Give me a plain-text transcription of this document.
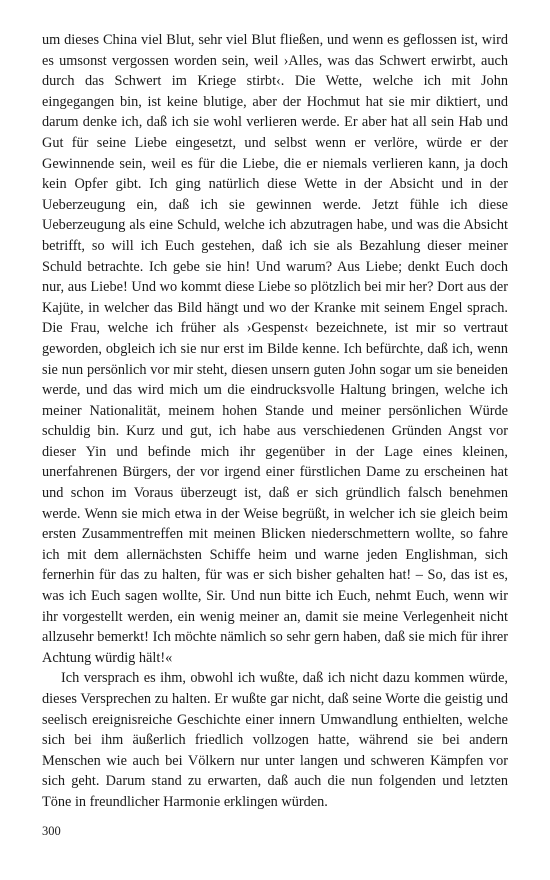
um dieses China viel Blut, sehr viel Blut fließen, und wenn es geflossen ist, wird es umsonst vergossen worden sein, weil ›Alles, was das Schwert erwirbt, auch durch das Schwert im Kriege stirbt‹. Die Wette, welche ich mit John eingegangen bin, ist keine blutige, aber der Hochmut hat sie mir diktiert, und darum denke ich, daß ich sie wohl verlieren werde. Er aber hat all sein Hab und Gut für seine Liebe eingesetzt, und selbst wenn er verlöre, würde er der Gewinnende sein, weil es für die Liebe, die er niemals verlieren kann, ja doch kein Opfer gibt. Ich ging natürlich diese Wette in der Absicht und in der Ueberzeugung ein, daß ich sie gewinnen werde. Jetzt fühle ich diese Ueberzeugung als eine Schuld, welche ich abzutragen habe, und was die Absicht betrifft, so will ich Euch gestehen, daß ich sie als Bezahlung dieser meiner Schuld betrachte. Ich gebe sie hin! Und warum? Aus Liebe; denkt Euch doch nur, aus Liebe! Und wo kommt diese Liebe so plötzlich bei mir her? Dort aus der Kajüte, in welcher das Bild hängt und wo der Kranke mit seinem Engel sprach. Die Frau, welche ich früher als ›Gespenst‹ bezeichnete, ist mir so vertraut geworden, obgleich ich sie nur erst im Bilde kenne. Ich befürchte, daß ich, wenn sie nun persönlich vor mir steht, diesen unsern guten John sogar um sie beneiden werde, und das wird mich um die eindrucksvolle Haltung bringen, welche ich meiner Nationalität, meinem hohen Stande und meiner persönlichen Würde schuldig bin. Kurz und gut, ich habe aus verschiedenen Gründen Angst vor dieser Yin und befinde mich ihr gegenüber in der Lage eines kleinen, unerfahrenen Bürgers, der vor irgend einer fürstlichen Dame zu erscheinen hat und schon im Voraus überzeugt ist, daß er sich gründlich falsch benehmen werde. Wenn sie mich etwa in der Weise begrüßt, in welcher ich sie gleich beim ersten Zusammentreffen mit meinen Blicken niederschmettern wollte, so fahre ich mit dem allernächsten Schiffe heim und warne jeden Englishman, sich fernerhin für das zu halten, für was er sich bisher gehalten hat! – So, das ist es, was ich Euch sagen wollte, Sir. Und nun bitte ich Euch, nehmt Euch, wenn wir ihr vorgestellt werden, ein wenig meiner an, damit sie meine Verlegenheit nicht allzusehr bemerkt! Ich möchte nämlich so sehr gern haben, daß sie mich für ihrer Achtung würdig hält!«

Ich versprach es ihm, obwohl ich wußte, daß ich nicht dazu kommen würde, dieses Versprechen zu halten. Er wußte gar nicht, daß seine Worte die geistig und seelisch ereignisreiche Geschichte einer innern Umwandlung enthielten, welche sich bei ihm äußerlich friedlich vollzogen hatte, während sie bei andern Menschen wie auch bei Völkern nur unter langen und schweren Kämpfen vor sich geht. Darum stand zu erwarten, daß auch die nun folgenden und letzten Töne in freundlicher Harmonie erklingen würden.

300
